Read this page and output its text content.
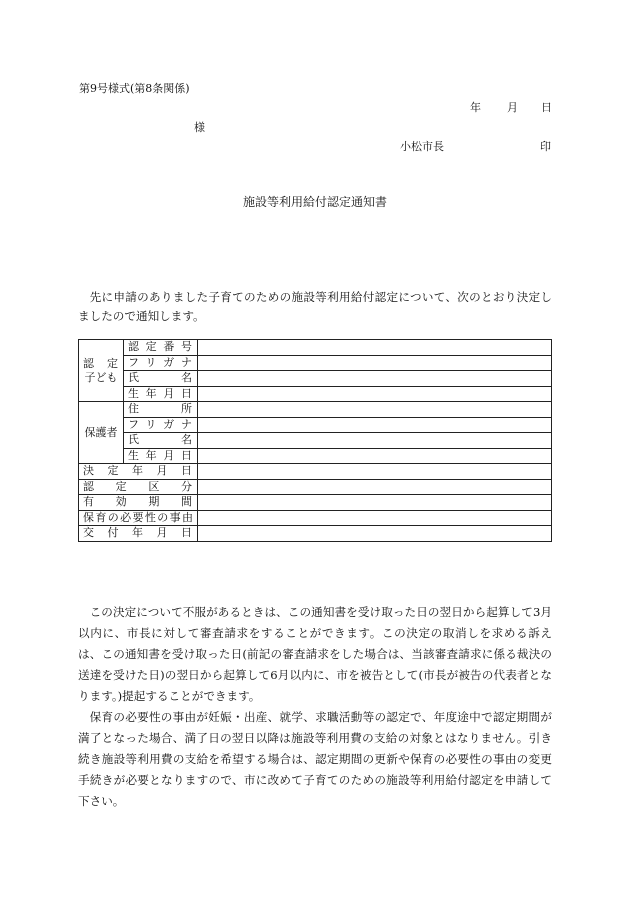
第9号様式(第8条関係)
年 月 日
様
小松市長	印
施設等利用給付認定通知書

先に申請のありました子育てのための施設等利用給付認定について、次のとおり決定しましたので通知します。

認　定
子ども	認定番号	
	フリガナ	
	氏名	
	生年月日	
保護者	住所	
	フリガナ	
	氏名	
	生年月日	
決定年月日		
認定区分		
有効期間		
保育の必要性の事由		
交付年月日		

この決定について不服があるときは、この通知書を受け取った日の翌日から起算して3月以内に、市長に対して審査請求をすることができます。この決定の取消しを求める訴えは、この通知書を受け取った日(前記の審査請求をした場合は、当該審査請求に係る裁決の送達を受けた日)の翌日から起算して6月以内に、市を被告として(市長が被告の代表者となります。)提起することができます。

保育の必要性の事由が妊娠・出産、就学、求職活動等の認定で、年度途中で認定期間が満了となった場合、満了日の翌日以降は施設等利用費の支給の対象とはなりません。引き続き施設等利用費の支給を希望する場合は、認定期間の更新や保育の必要性の事由の変更手続きが必要となりますので、市に改めて子育てのための施設等利用給付認定を申請して下さい。
